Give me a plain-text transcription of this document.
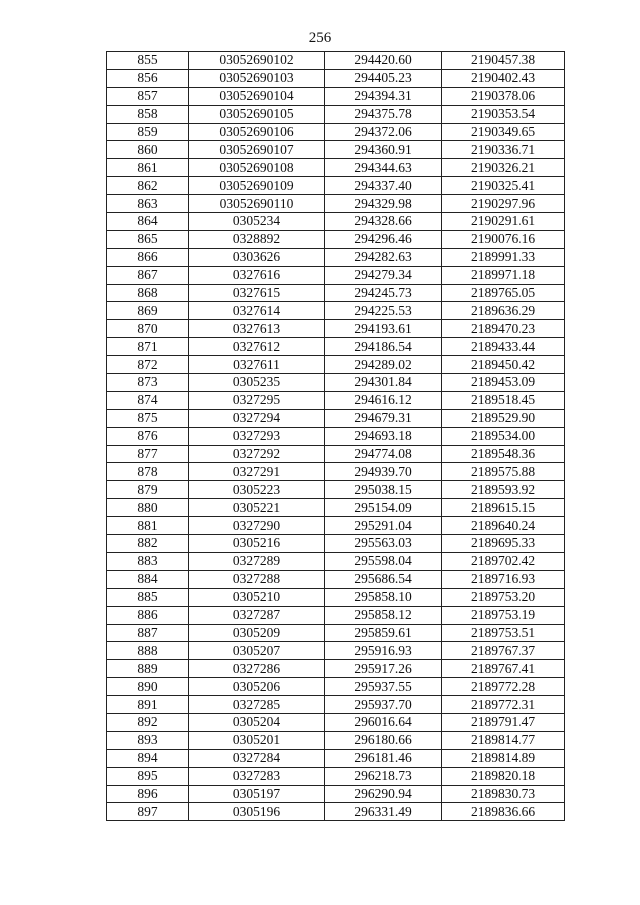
256
855	03052690102	294420.60	2190457.38
856	03052690103	294405.23	2190402.43
857	03052690104	294394.31	2190378.06
858	03052690105	294375.78	2190353.54
859	03052690106	294372.06	2190349.65
860	03052690107	294360.91	2190336.71
861	03052690108	294344.63	2190326.21
862	03052690109	294337.40	2190325.41
863	03052690110	294329.98	2190297.96
864	0305234	294328.66	2190291.61
865	0328892	294296.46	2190076.16
866	0303626	294282.63	2189991.33
867	0327616	294279.34	2189971.18
868	0327615	294245.73	2189765.05
869	0327614	294225.53	2189636.29
870	0327613	294193.61	2189470.23
871	0327612	294186.54	2189433.44
872	0327611	294289.02	2189450.42
873	0305235	294301.84	2189453.09
874	0327295	294616.12	2189518.45
875	0327294	294679.31	2189529.90
876	0327293	294693.18	2189534.00
877	0327292	294774.08	2189548.36
878	0327291	294939.70	2189575.88
879	0305223	295038.15	2189593.92
880	0305221	295154.09	2189615.15
881	0327290	295291.04	2189640.24
882	0305216	295563.03	2189695.33
883	0327289	295598.04	2189702.42
884	0327288	295686.54	2189716.93
885	0305210	295858.10	2189753.20
886	0327287	295858.12	2189753.19
887	0305209	295859.61	2189753.51
888	0305207	295916.93	2189767.37
889	0327286	295917.26	2189767.41
890	0305206	295937.55	2189772.28
891	0327285	295937.70	2189772.31
892	0305204	296016.64	2189791.47
893	0305201	296180.66	2189814.77
894	0327284	296181.46	2189814.89
895	0327283	296218.73	2189820.18
896	0305197	296290.94	2189830.73
897	0305196	296331.49	2189836.66
